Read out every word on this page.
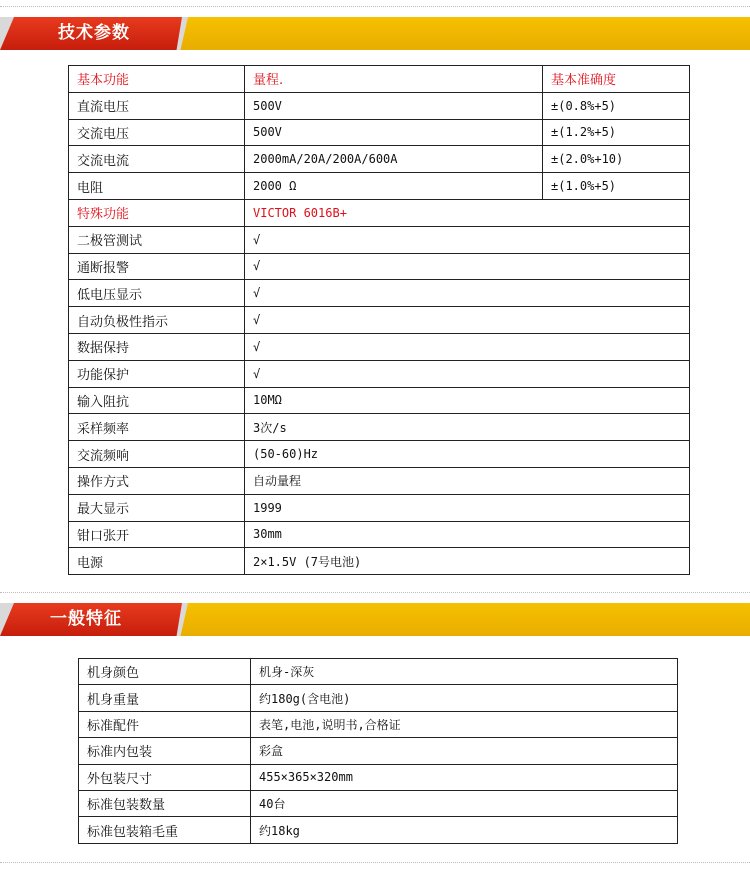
技术参数
基本功能	量程.	基本准确度
直流电压	500V	±(0.8%+5)
交流电压	500V	±(1.2%+5)
交流电流	2000mA/20A/200A/600A	±(2.0%+10)
电阻	2000 Ω	±(1.0%+5)
特殊功能	VICTOR 6016B+	
二极管测试	√	
通断报警	√	
低电压显示	√	
自动负极性指示	√	
数据保持	√	
功能保护	√	
输入阻抗	10MΩ	
采样频率	3次/s	
交流频响	(50-60)Hz	
操作方式	自动量程	
最大显示	1999	
钳口张开	30mm	
电源	2×1.5V (7号电池)	
一般特征
机身颜色	机身-深灰
机身重量	约180g(含电池)
标准配件	表笔,电池,说明书,合格证
标准内包装	彩盒
外包装尺寸	455×365×320mm
标准包装数量	40台
标准包装箱毛重	约18kg
